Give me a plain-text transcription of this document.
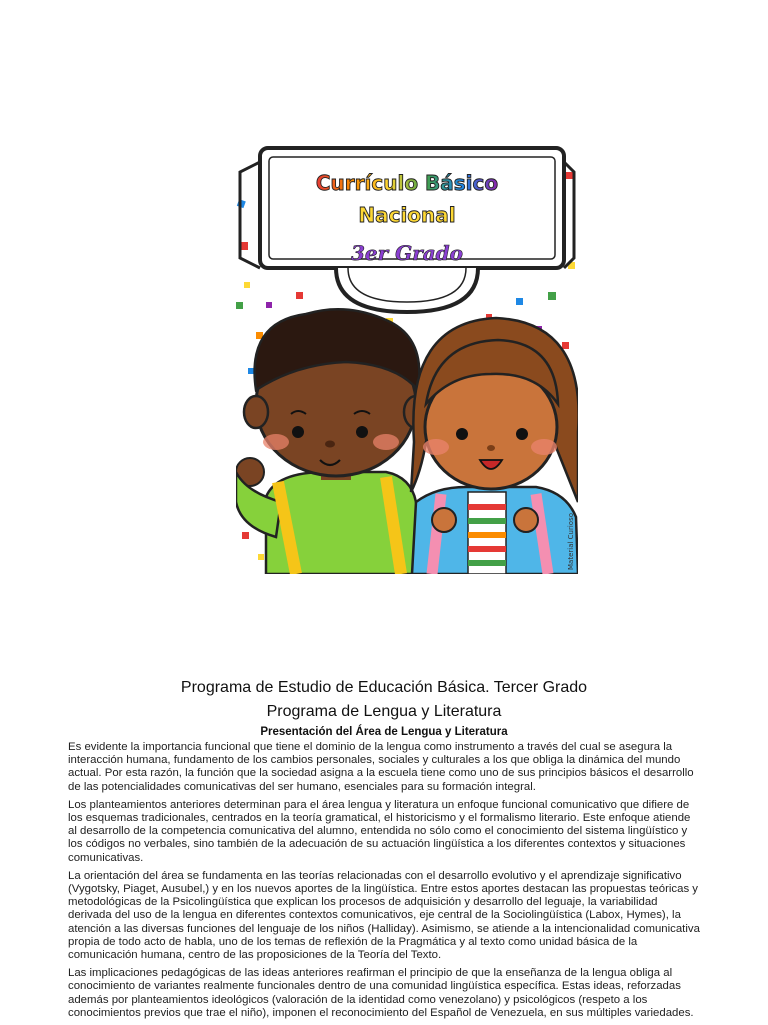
Currículo Básico
Nacional
3er Grado
Material Curioso
Programa de Estudio de Educación Básica. Tercer Grado
Programa de Lengua y Literatura
Presentación del Área de Lengua y Literatura

Es evidente la importancia funcional que tiene el dominio de la lengua como instrumento a través del cual se asegura la interacción humana, fundamento de los cambios personales, sociales y culturales a los que obliga la dinámica del mundo actual. Por esta razón, la función que la sociedad asigna a la escuela tiene como uno de sus principios básicos el desarrollo de las potencialidades comunicativas del ser humano, esenciales para su formación integral.

Los planteamientos anteriores determinan para el área lengua y literatura un enfoque funcional comunicativo que difiere de los esquemas tradicionales, centrados en la teoría gramatical, el historicismo y el formalismo literario. Este enfoque atiende al desarrollo de la competencia comunicativa del alumno, entendida no sólo como el conocimiento del sistema lingüístico y los códigos no verbales, sino también de la adecuación de su actuación lingüística a los diferentes contextos y situaciones comunicativas.

La orientación del área se fundamenta en las teorías relacionadas con el desarrollo evolutivo y el aprendizaje significativo (Vygotsky, Piaget, Ausubel,) y en los nuevos aportes de la lingüística. Entre estos aportes destacan las propuestas teóricas y metodológicas de la Psicolingüística que explican los procesos de adquisición y desarrollo del leguaje, la variabilidad derivada del uso de la lengua en diferentes contextos comunicativos, eje central de la Sociolingüística (Labox, Hymes), la atención a las diversas funciones del lenguaje de los niños (Halliday). Asimismo, se atiende a la intencionalidad comunicativa propia de todo acto de habla, uno de los temas de reflexión de la Pragmática y al texto como unidad básica de la comunicación humana, centro de las proposiciones de la Teoría del Texto.

Las implicaciones pedagógicas de las ideas anteriores reafirman el principio de que la enseñanza de la lengua obliga al conocimiento de variantes realmente funcionales dentro de una comunidad lingüística específica. Estas ideas, reforzadas además por planteamientos ideológicos (valoración de la identidad como venezolano) y psicológicos (respeto a los conocimientos previos que trae el niño), imponen el reconocimiento del Español de Venezuela, en sus múltiples variedades.
